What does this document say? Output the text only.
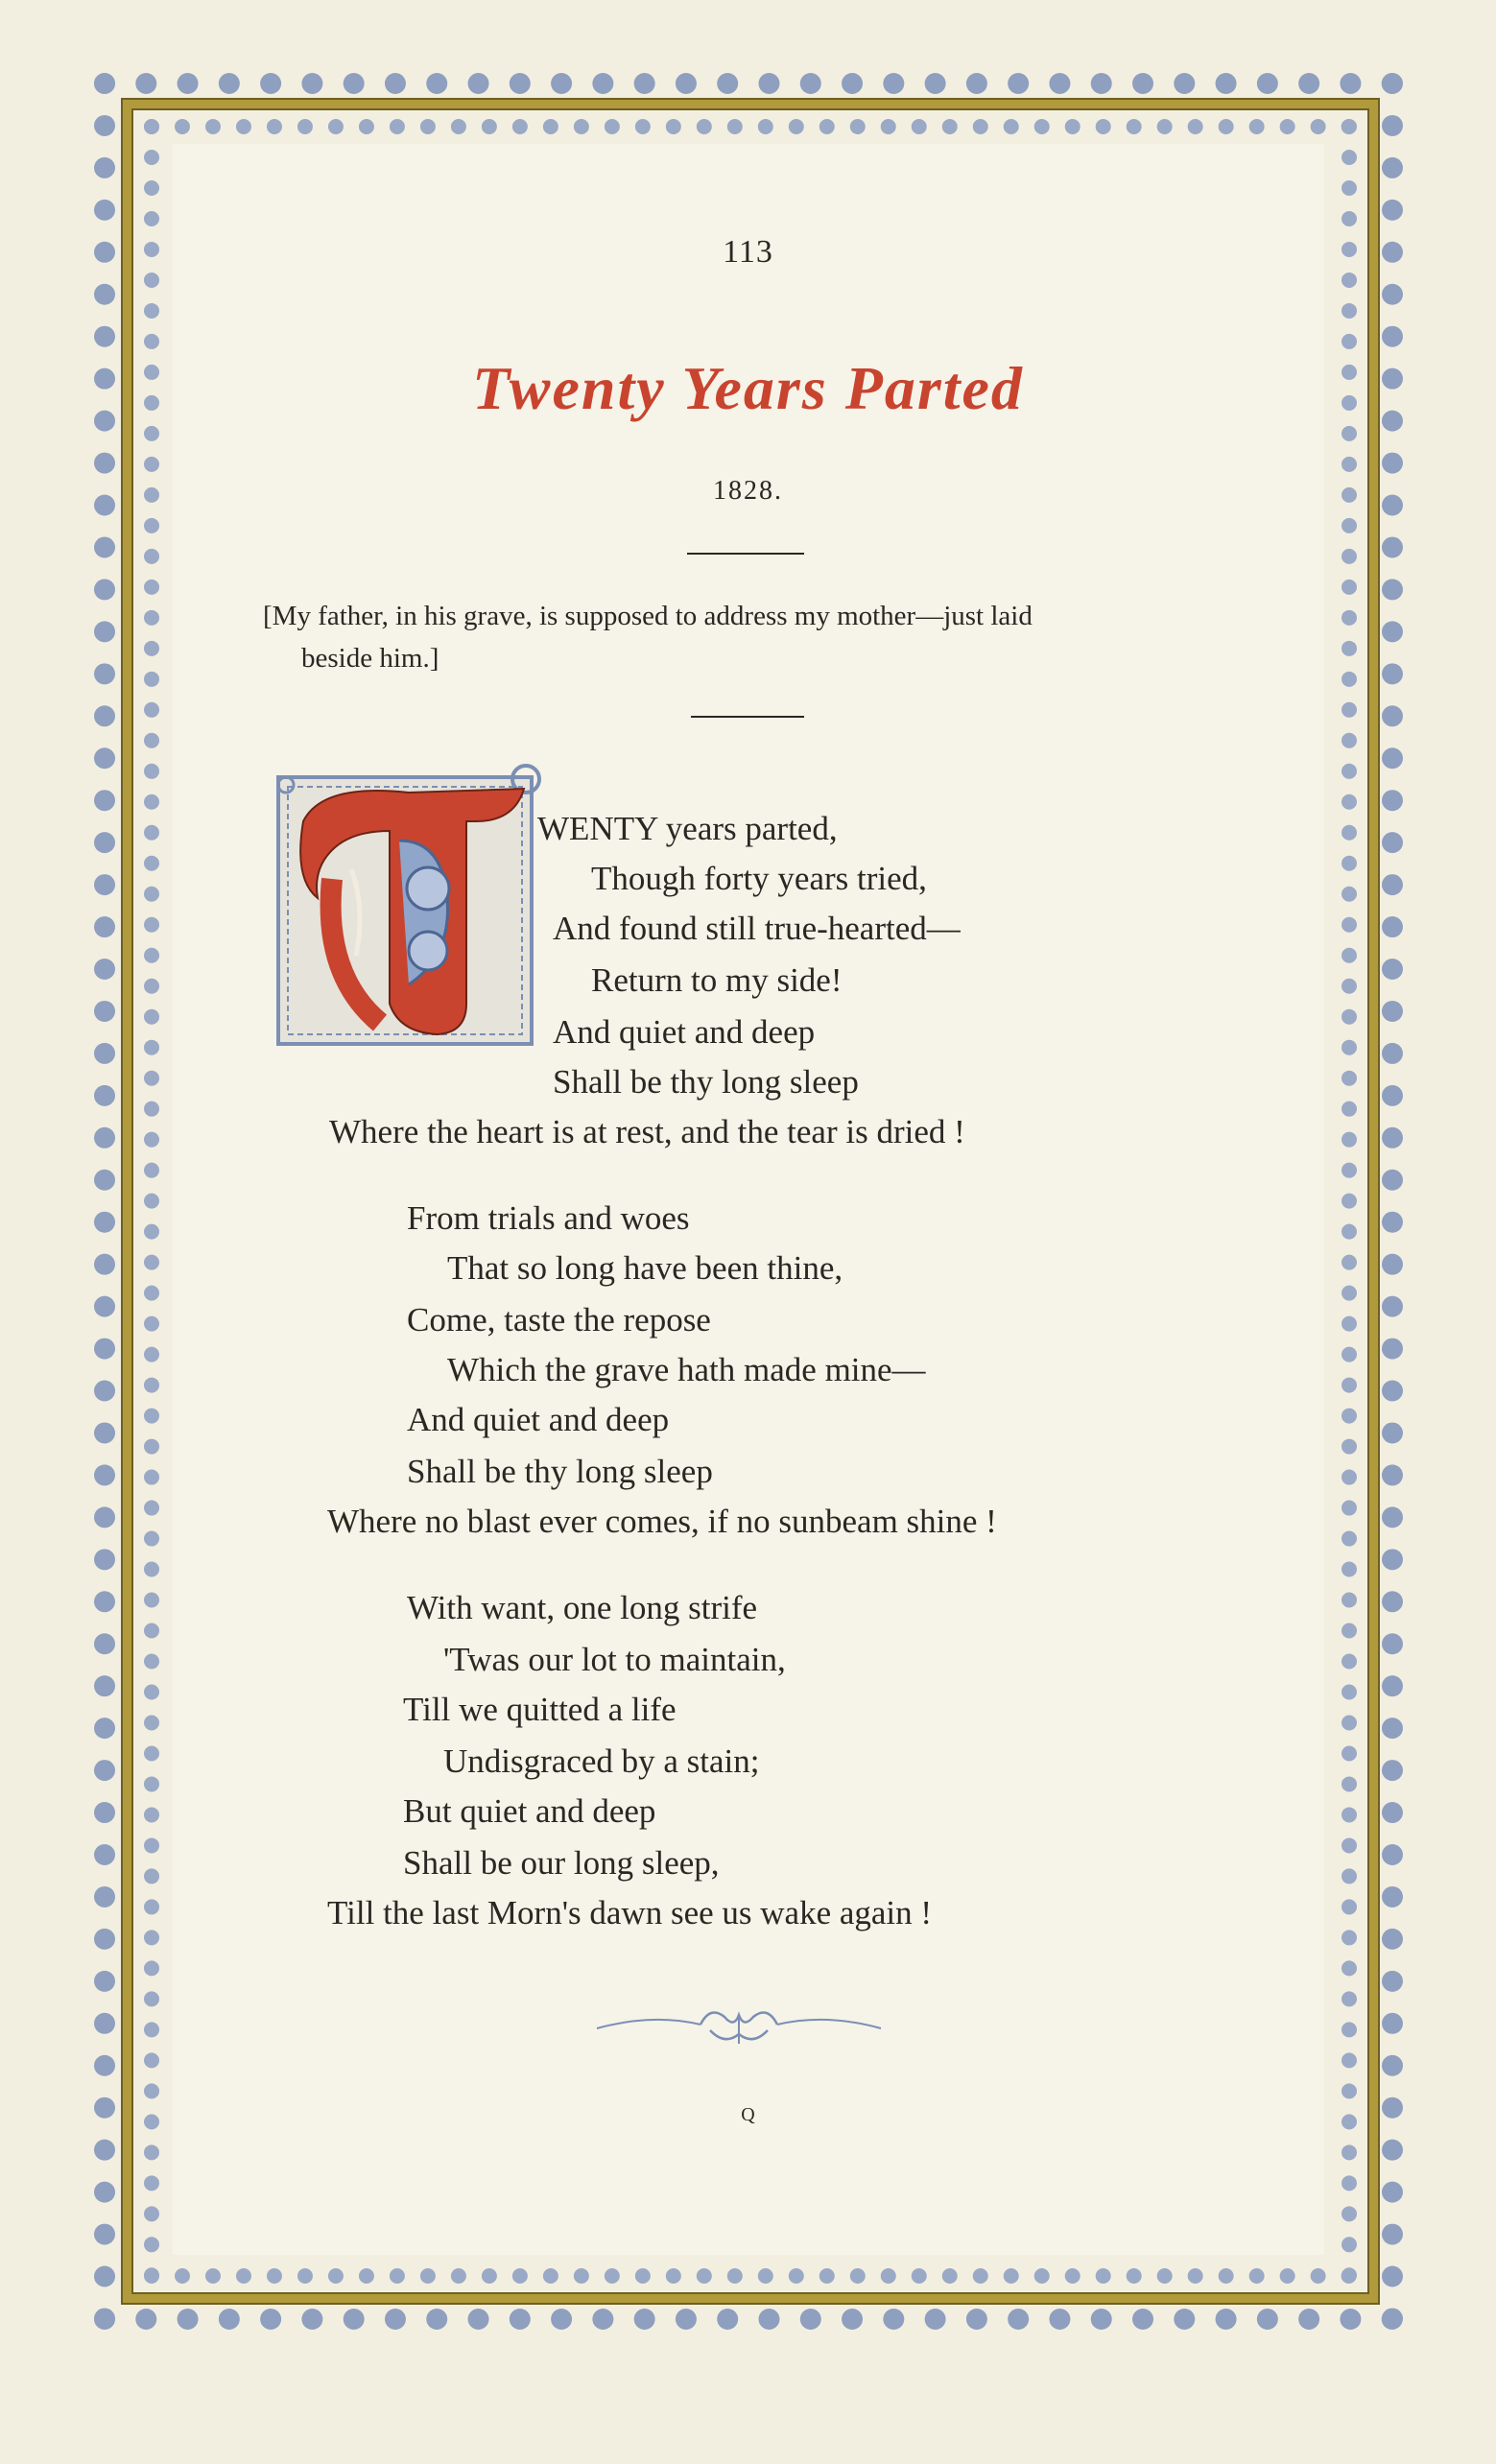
113
Twenty Years Parted
1828.
[My father, in his grave, is supposed to address my mother—just laid
beside him.]
WENTY years parted,
Though forty years tried,
And found still true-hearted—
Return to my side!
And quiet and deep
Shall be thy long sleep
Where the heart is at rest, and the tear is dried !
From trials and woes
That so long have been thine,
Come, taste the repose
Which the grave hath made mine—
And quiet and deep
Shall be thy long sleep
Where no blast ever comes, if no sunbeam shine !
With want, one long strife
'Twas our lot to maintain,
Till we quitted a life
Undisgraced by a stain;
But quiet and deep
Shall be our long sleep,
Till the last Morn's dawn see us wake again !
Q
